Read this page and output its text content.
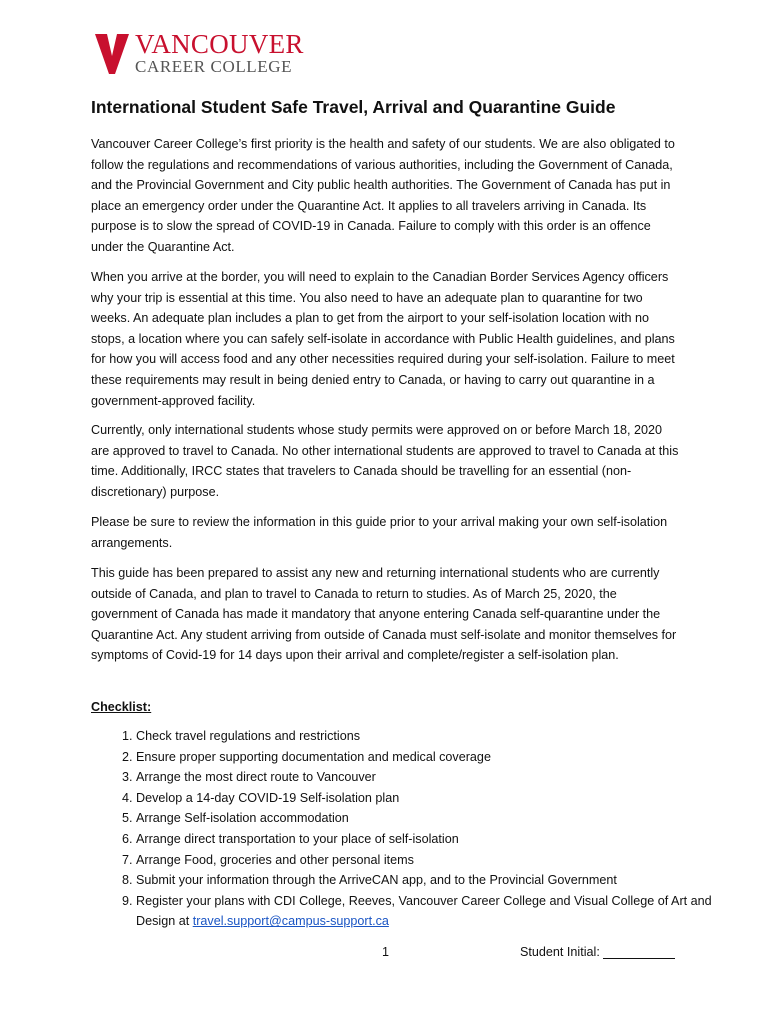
VANCOUVER
CAREER COLLEGE
International Student Safe Travel, Arrival and Quarantine Guide

Vancouver Career College’s first priority is the health and safety of our students. We are also obligated to follow the regulations and recommendations of various authorities, including the Government of Canada, and the Provincial Government and City public health authorities. The Government of Canada has put in place an emergency order under the Quarantine Act. It applies to all travelers arriving in Canada. Its purpose is to slow the spread of COVID-19 in Canada. Failure to comply with this order is an offence under the Quarantine Act.

When you arrive at the border, you will need to explain to the Canadian Border Services Agency officers why your trip is essential at this time. You also need to have an adequate plan to quarantine for two weeks. An adequate plan includes a plan to get from the airport to your self-isolation location with no stops, a location where you can safely self-isolate in accordance with Public Health guidelines, and plans for how you will access food and any other necessities required during your self-isolation. Failure to meet these requirements may result in being denied entry to Canada, or having to carry out quarantine in a government-approved facility.

Currently, only international students whose study permits were approved on or before March 18, 2020 are approved to travel to Canada. No other international students are approved to travel to Canada at this time. Additionally, IRCC states that travelers to Canada should be travelling for an essential (non- discretionary) purpose.

Please be sure to review the information in this guide prior to your arrival making your own self-isolation arrangements.

This guide has been prepared to assist any new and returning international students who are currently outside of Canada, and plan to travel to Canada to return to studies. As of March 25, 2020, the government of Canada has made it mandatory that anyone entering Canada self-quarantine under the Quarantine Act. Any student arriving from outside of Canada must self-isolate and monitor themselves for symptoms of Covid-19 for 14 days upon their arrival and complete/register a self-isolation plan.

Checklist:
1. Check travel regulations and restrictions
2. Ensure proper supporting documentation and medical coverage
3. Arrange the most direct route to Vancouver
4. Develop a 14-day COVID-19 Self-isolation plan
5. Arrange Self-isolation accommodation
6. Arrange direct transportation to your place of self-isolation
7. Arrange Food, groceries and other personal items
8. Submit your information through the ArriveCAN app, and to the Provincial Government
9. Register your plans with CDI College, Reeves, Vancouver Career College and Visual College of Art and Design at travel.support@campus-support.ca
1	Student Initial:
